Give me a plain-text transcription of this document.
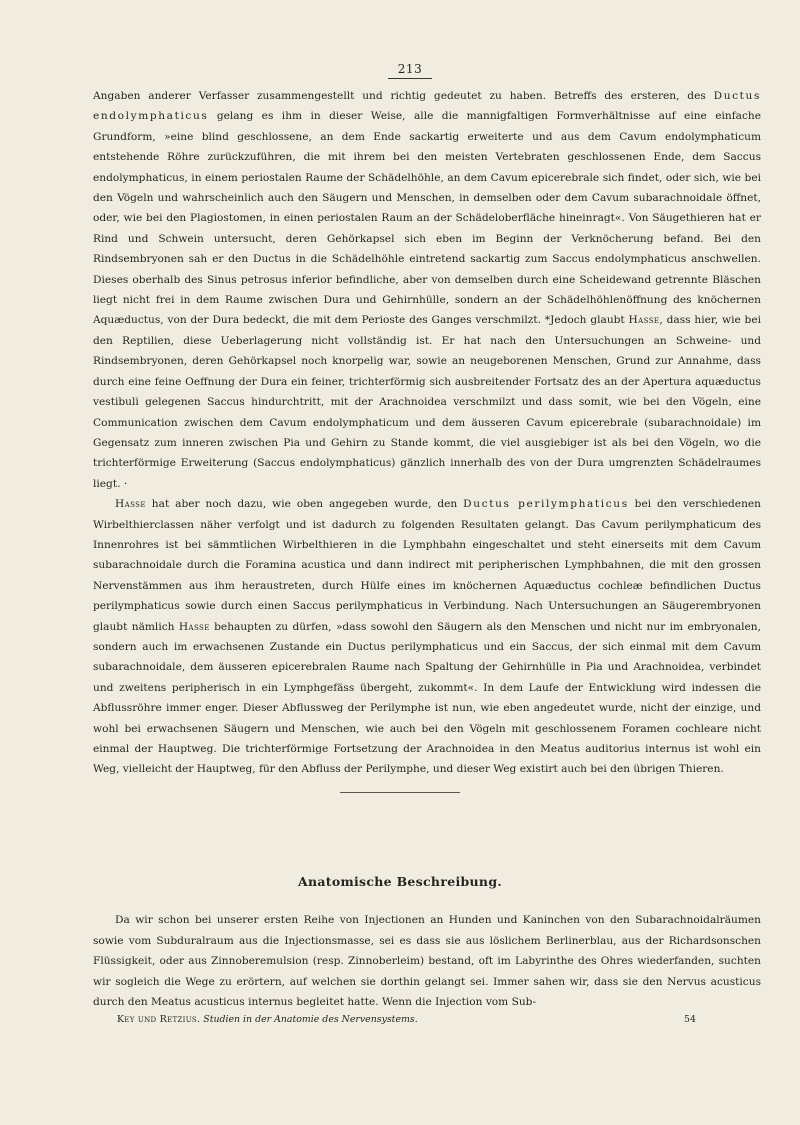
213

Angaben anderer Verfasser zusammengestellt und richtig gedeutet zu haben. Betreffs des ersteren, des Ductus endolymphaticus gelang es ihm in dieser Weise, alle die mannigfaltigen Formverhältnisse auf eine einfache Grundform, »eine blind geschlossene, an dem Ende sackartig erweiterte und aus dem Cavum endolymphaticum entstehende Röhre zurückzuführen, die mit ihrem bei den meisten Vertebraten geschlossenen Ende, dem Saccus endolymphaticus, in einem periostalen Raume der Schädelhöhle, an dem Cavum epicerebrale sich findet, oder sich, wie bei den Vögeln und wahrscheinlich auch den Säugern und Menschen, in demselben oder dem Cavum subarachnoidale öffnet, oder, wie bei den Plagiostomen, in einen periostalen Raum an der Schädeloberfläche hineinragt«. Von Säugethieren hat er Rind und Schwein untersucht, deren Gehörkapsel sich eben im Beginn der Verknöcherung befand. Bei den Rindsembryonen sah er den Ductus in die Schädelhöhle eintretend sackartig zum Saccus endolymphaticus anschwellen. Dieses oberhalb des Sinus petrosus inferior befindliche, aber von demselben durch eine Scheidewand getrennte Bläschen liegt nicht frei in dem Raume zwischen Dura und Gehirnhülle, sondern an der Schädelhöhlenöffnung des knöchernen Aquæductus, von der Dura bedeckt, die mit dem Perioste des Ganges verschmilzt. *Jedoch glaubt Hasse, dass hier, wie bei den Reptilien, diese Ueberlagerung nicht vollständig ist. Er hat nach den Untersuchungen an Schweine- und Rindsembryonen, deren Gehörkapsel noch knorpelig war, sowie an neugeborenen Menschen, Grund zur Annahme, dass durch eine feine Oeffnung der Dura ein feiner, trichterförmig sich ausbreitender Fortsatz des an der Apertura aquæductus vestibuli gelegenen Saccus hindurchtritt, mit der Arachnoidea verschmilzt und dass somit, wie bei den Vögeln, eine Communication zwischen dem Cavum endolymphaticum und dem äusseren Cavum epicerebrale (subarachnoidale) im Gegensatz zum inneren zwischen Pia und Gehirn zu Stande kommt, die viel ausgiebiger ist als bei den Vögeln, wo die trichterförmige Erweiterung (Saccus endolymphaticus) gänzlich innerhalb des von der Dura umgrenzten Schädelraumes liegt. ·

Hasse hat aber noch dazu, wie oben angegeben wurde, den Ductus perilymphaticus bei den verschiedenen Wirbelthierclassen näher verfolgt und ist dadurch zu folgenden Resultaten gelangt. Das Cavum perilymphaticum des Innenrohres ist bei sämmtlichen Wirbelthieren in die Lymphbahn eingeschaltet und steht einerseits mit dem Cavum subarachnoidale durch die Foramina acustica und dann indirect mit peripherischen Lymphbahnen, die mit den grossen Nervenstämmen aus ihm heraustreten, durch Hülfe eines im knöchernen Aquæductus cochleæ befindlichen Ductus perilymphaticus sowie durch einen Saccus perilymphaticus in Verbindung. Nach Untersuchungen an Säugerembryonen glaubt nämlich Hasse behaupten zu dürfen, »dass sowohl den Säugern als den Menschen und nicht nur im embryonalen, sondern auch im erwachsenen Zustande ein Ductus perilymphaticus und ein Saccus, der sich einmal mit dem Cavum subarachnoidale, dem äusseren epicerebralen Raume nach Spaltung der Gehirnhülle in Pia und Arachnoidea, verbindet und zweitens peripherisch in ein Lymphgefäss übergeht, zukommt«. In dem Laufe der Entwicklung wird indessen die Abflussröhre immer enger. Dieser Abflussweg der Perilymphe ist nun, wie eben angedeutet wurde, nicht der einzige, und wohl bei erwachsenen Säugern und Menschen, wie auch bei den Vögeln mit geschlossenem Foramen cochleare nicht einmal der Hauptweg. Die trichterförmige Fortsetzung der Arachnoidea in den Meatus auditorius internus ist wohl ein Weg, vielleicht der Hauptweg, für den Abfluss der Perilymphe, und dieser Weg existirt auch bei den übrigen Thieren.

Anatomische Beschreibung.

Da wir schon bei unserer ersten Reihe von Injectionen an Hunden und Kaninchen von den Subarachnoidalräumen sowie vom Subduralraum aus die Injectionsmasse, sei es dass sie aus löslichem Berlinerblau, aus der Richardsonschen Flüssigkeit, oder aus Zinnoberemulsion (resp. Zinnoberleim) bestand, oft im Labyrinthe des Ohres wiederfanden, suchten wir sogleich die Wege zu erörtern, auf welchen sie dorthin gelangt sei. Immer sahen wir, dass sie den Nervus acusticus durch den Meatus acusticus internus begleitet hatte. Wenn die Injection vom Sub-

Key und Retzius. Studien in der Anatomie des Nervensystems.	54
